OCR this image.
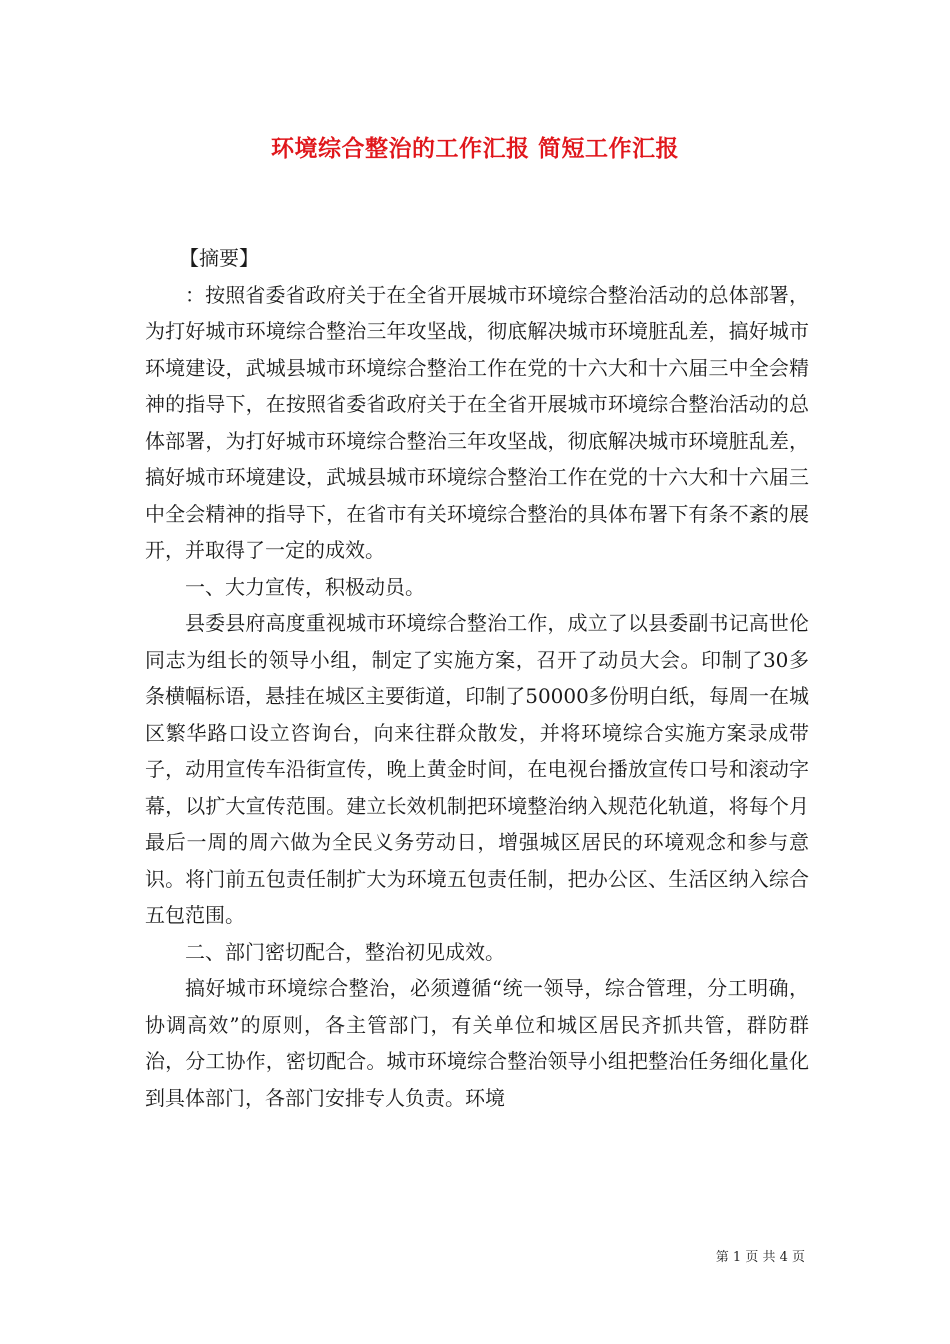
环境综合整治的工作汇报 简短工作汇报

【摘要】

：按照省委省政府关于在全省开展城市环境综合整治活动的总体部署，为打好城市环境综合整治三年攻坚战，彻底解决城市环境脏乱差，搞好城市环境建设，武城县城市环境综合整治工作在党的十六大和十六届三中全会精神的指导下，在按照省委省政府关于在全省开展城市环境综合整治活动的总体部署，为打好城市环境综合整治三年攻坚战，彻底解决城市环境脏乱差，搞好城市环境建设，武城县城市环境综合整治工作在党的十六大和十六届三中全会精神的指导下，在省市有关环境综合整治的具体布署下有条不紊的展开，并取得了一定的成效。

一、大力宣传，积极动员。

县委县府高度重视城市环境综合整治工作，成立了以县委副书记高世伦同志为组长的领导小组，制定了实施方案，召开了动员大会。印制了30多条横幅标语，悬挂在城区主要街道，印制了50000多份明白纸，每周一在城区繁华路口设立咨询台，向来往群众散发，并将环境综合实施方案录成带子，动用宣传车沿街宣传，晚上黄金时间，在电视台播放宣传口号和滚动字幕，以扩大宣传范围。建立长效机制把环境整治纳入规范化轨道，将每个月最后一周的周六做为全民义务劳动日，增强城区居民的环境观念和参与意识。将门前五包责任制扩大为环境五包责任制，把办公区、生活区纳入综合五包范围。

二、部门密切配合，整治初见成效。

搞好城市环境综合整治，必须遵循“统一领导，综合管理，分工明确，协调高效”的原则，各主管部门，有关单位和城区居民齐抓共管，群防群治，分工协作，密切配合。城市环境综合整治领导小组把整治任务细化量化到具体部门，各部门安排专人负责。环境

第 1 页 共 4 页
